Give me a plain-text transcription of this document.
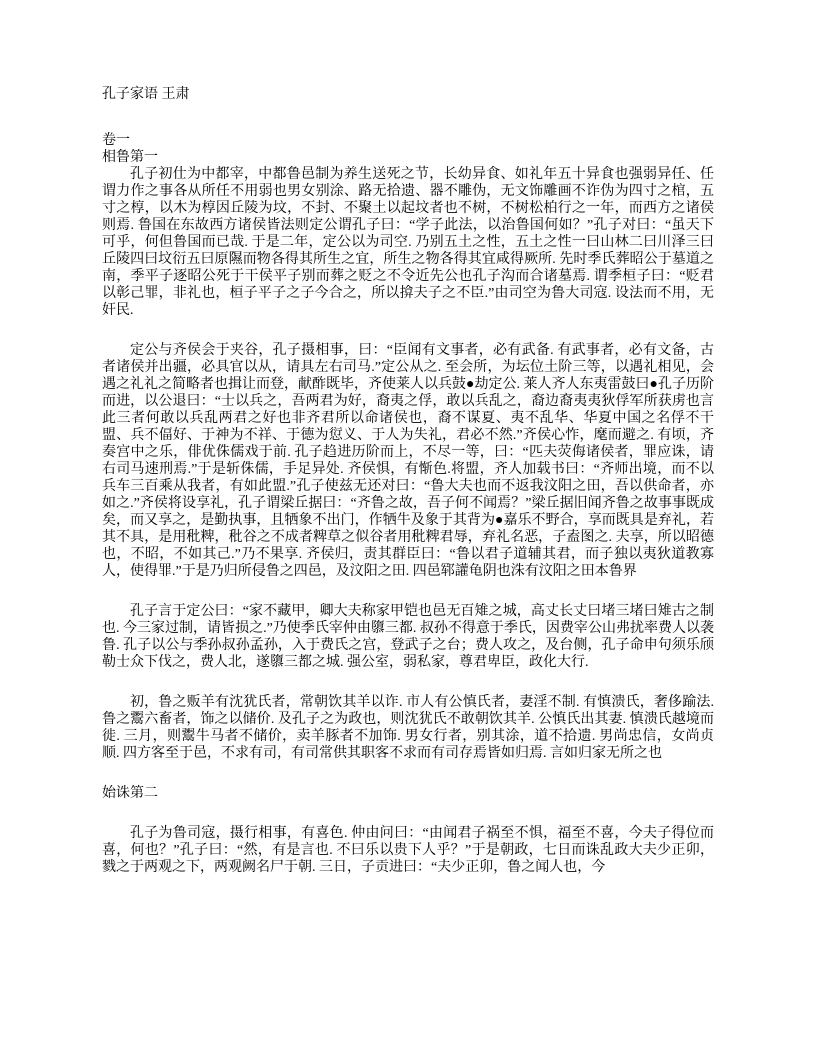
孔子家语 王肃

卷一

相鲁第一

孔子初仕为中都宰，中都鲁邑制为养生送死之节，长幼异食、如礼年五十异食也强弱异任、任谓力作之事各从所任不用弱也男女别涂、路无拾遗、器不雕伪，无文饰雕画不诈伪为四寸之棺，五寸之椁，以木为椁因丘陵为坟，不封、不聚土以起坟者也不树，不树松柏行之一年，而西方之诸侯则焉. 鲁国在东故西方诸侯皆法则定公谓孔子曰：“学子此法，以治鲁国何如？”孔子对曰：“虽天下可乎，何但鲁国而已哉. 于是二年，定公以为司空. 乃别五土之性，五土之性一曰山林二曰川泽三曰丘陵四曰坟衍五曰原隰而物各得其所生之宜，所生之物各得其宜咸得厥所. 先时季氏葬昭公于墓道之南，季平子逐昭公死于干侯平子别而葬之贬之不令近先公也孔子沟而合诸墓焉. 谓季桓子曰：“贬君以彰己罪，非礼也，桓子平子之子今合之，所以揜夫子之不臣.”由司空为鲁大司寇. 设法而不用，无奸民.

定公与齐侯会于夹谷，孔子摄相事，曰：“臣闻有文事者，必有武备. 有武事者，必有文备，古者诸侯并出疆，必具官以从，请具左右司马.”定公从之. 至会所，为坛位土阶三等，以遇礼相见，会遇之礼礼之简略者也揖让而登，献酢既毕，齐使莱人以兵鼓●劫定公. 莱人齐人东夷雷鼓曰●孔子历阶而进，以公退曰：“士以兵之，吾两君为好，裔夷之俘，敢以兵乱之，裔边裔夷夷狄俘军所获虏也言此三者何敢以兵乱两君之好也非齐君所以命诸侯也，裔不谋夏、夷不乱华、华夏中国之名俘不干盟、兵不偪好、于神为不祥、于德为愆义、于人为失礼，君必不然.”齐侯心怍，麾而避之. 有顷，齐奏宫中之乐，俳优侏儒戏于前. 孔子趋进历阶而上，不尽一等，曰：“匹夫荧侮诸侯者，罪应诛，请右司马速刑焉.”于是斩侏儒，手足异处. 齐侯惧，有惭色.将盟，齐人加载书曰：“齐师出境，而不以兵车三百乘从我者，有如此盟.”孔子使兹无还对曰：“鲁大夫也而不返我汶阳之田，吾以供命者，亦如之.”齐侯将设享礼，孔子谓梁丘据曰：“齐鲁之故，吾子何不闻焉？”梁丘据旧闻齐鲁之故事事既成矣，而又享之，是勤执事，且牺象不出门，作牺牛及象于其背为●嘉乐不野合，享而既具是弃礼，若其不具，是用秕粺，秕谷之不成者粺草之似谷者用秕粺君辱，弃礼名恶，子盍图之. 夫享，所以昭德也，不昭，不如其己.”乃不果享. 齐侯归，责其群臣曰：“鲁以君子道辅其君，而子独以夷狄道教寡人，使得罪.”于是乃归所侵鲁之四邑，及汶阳之田. 四邑郓讙龟阴也洙有汶阳之田本鲁界

孔子言于定公曰：“家不藏甲，卿大夫称家甲铠也邑无百雉之城，高丈长丈曰堵三堵曰雉古之制也. 今三家过制，请皆损之.”乃使季氏宰仲由隳三都. 叔孙不得意于季氏，因费宰公山弗扰率费人以袭鲁. 孔子以公与季孙叔孙孟孙，入于费氏之宫，登武子之台；费人攻之，及台侧，孔子命申句须乐颀勒士众下伐之，费人北，遂隳三都之城. 强公室，弱私家，尊君卑臣，政化大行.

初，鲁之贩羊有沈犹氏者，常朝饮其羊以诈. 市人有公慎氏者，妻淫不制. 有慎溃氏，奢侈踰法. 鲁之鬻六畜者，饰之以储价. 及孔子之为政也，则沈犹氏不敢朝饮其羊. 公慎氏出其妻. 慎溃氏越境而徙. 三月，则鬻牛马者不储价，卖羊豚者不加饰. 男女行者，别其涂，道不拾遗. 男尚忠信，女尚贞顺. 四方客至于邑，不求有司，有司常供其职客不求而有司存焉皆如归焉. 言如归家无所之也

始诛第二

孔子为鲁司寇，摄行相事，有喜色. 仲由问曰：“由闻君子祸至不惧，福至不喜，今夫子得位而喜，何也？”孔子曰：“然，有是言也. 不曰乐以贵下人乎？”于是朝政，七日而诛乱政大夫少正卯，戮之于两观之下，两观阙名尸于朝. 三日，子贡进曰：“夫少正卯，鲁之闻人也，今
